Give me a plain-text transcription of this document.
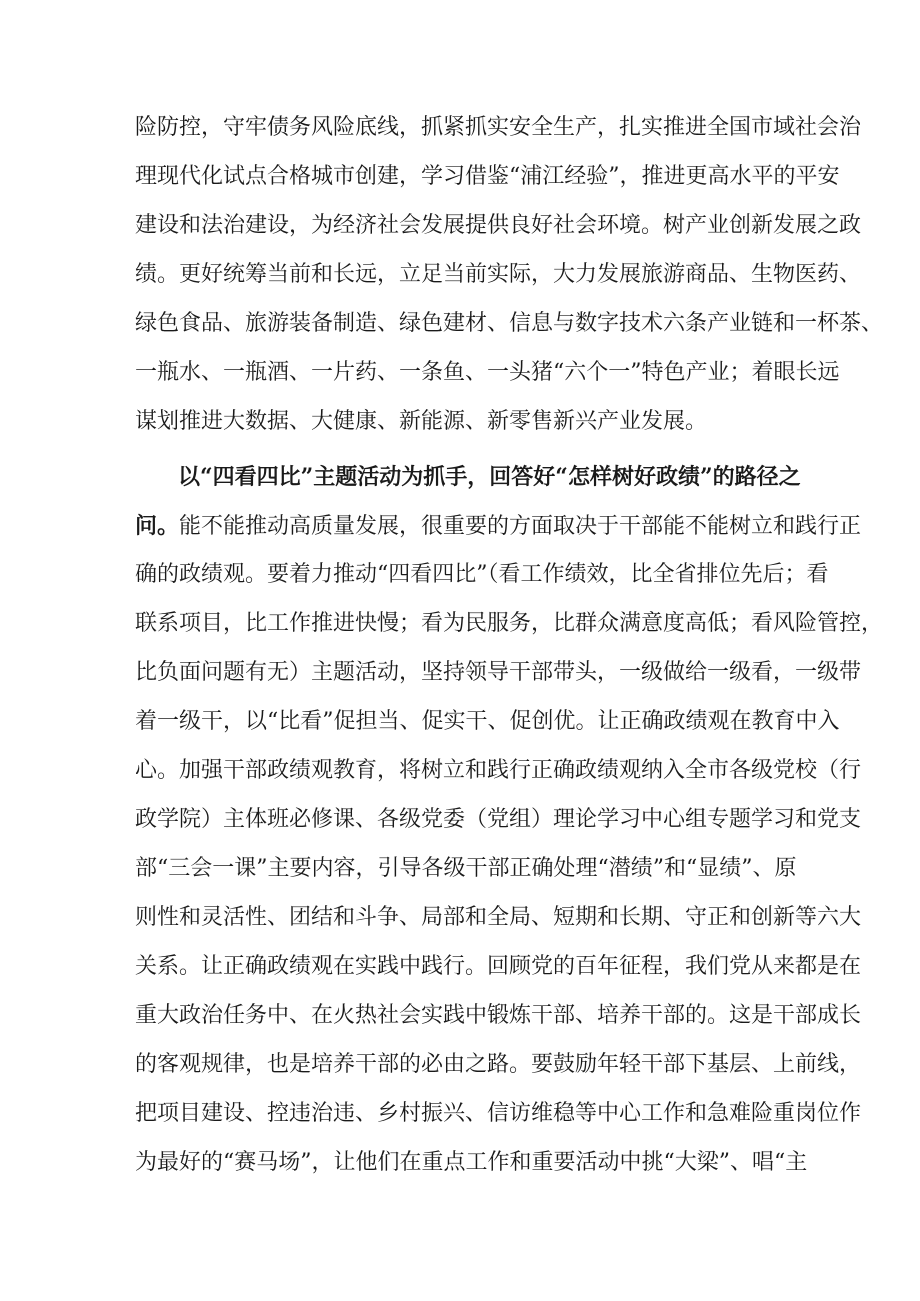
险防控，守牢债务风险底线，抓紧抓实安全生产，扎实推进全国市域社会治
理现代化试点合格城市创建，学习借鉴“浦江经验”，推进更高水平的平安
建设和法治建设，为经济社会发展提供良好社会环境。树产业创新发展之政
绩。更好统筹当前和长远，立足当前实际，大力发展旅游商品、生物医药、
绿色食品、旅游装备制造、绿色建材、信息与数字技术六条产业链和一杯茶、
一瓶水、一瓶酒、一片药、一条鱼、一头猪“六个一”特色产业；着眼长远
谋划推进大数据、大健康、新能源、新零售新兴产业发展。
以“四看四比”主题活动为抓手，回答好“怎样树好政绩”的路径之
问。能不能推动高质量发展，很重要的方面取决于干部能不能树立和践行正
确的政绩观。要着力推动“四看四比”（看工作绩效，比全省排位先后；看
联系项目，比工作推进快慢；看为民服务，比群众满意度高低；看风险管控，
比负面问题有无）主题活动，坚持领导干部带头，一级做给一级看，一级带
着一级干，以“比看”促担当、促实干、促创优。让正确政绩观在教育中入
心。加强干部政绩观教育，将树立和践行正确政绩观纳入全市各级党校（行
政学院）主体班必修课、各级党委（党组）理论学习中心组专题学习和党支
部“三会一课”主要内容，引导各级干部正确处理“潜绩”和“显绩”、原
则性和灵活性、团结和斗争、局部和全局、短期和长期、守正和创新等六大
关系。让正确政绩观在实践中践行。回顾党的百年征程，我们党从来都是在
重大政治任务中、在火热社会实践中锻炼干部、培养干部的。这是干部成长
的客观规律，也是培养干部的必由之路。要鼓励年轻干部下基层、上前线，
把项目建设、控违治违、乡村振兴、信访维稳等中心工作和急难险重岗位作
为最好的“赛马场”，让他们在重点工作和重要活动中挑“大梁”、唱“主
